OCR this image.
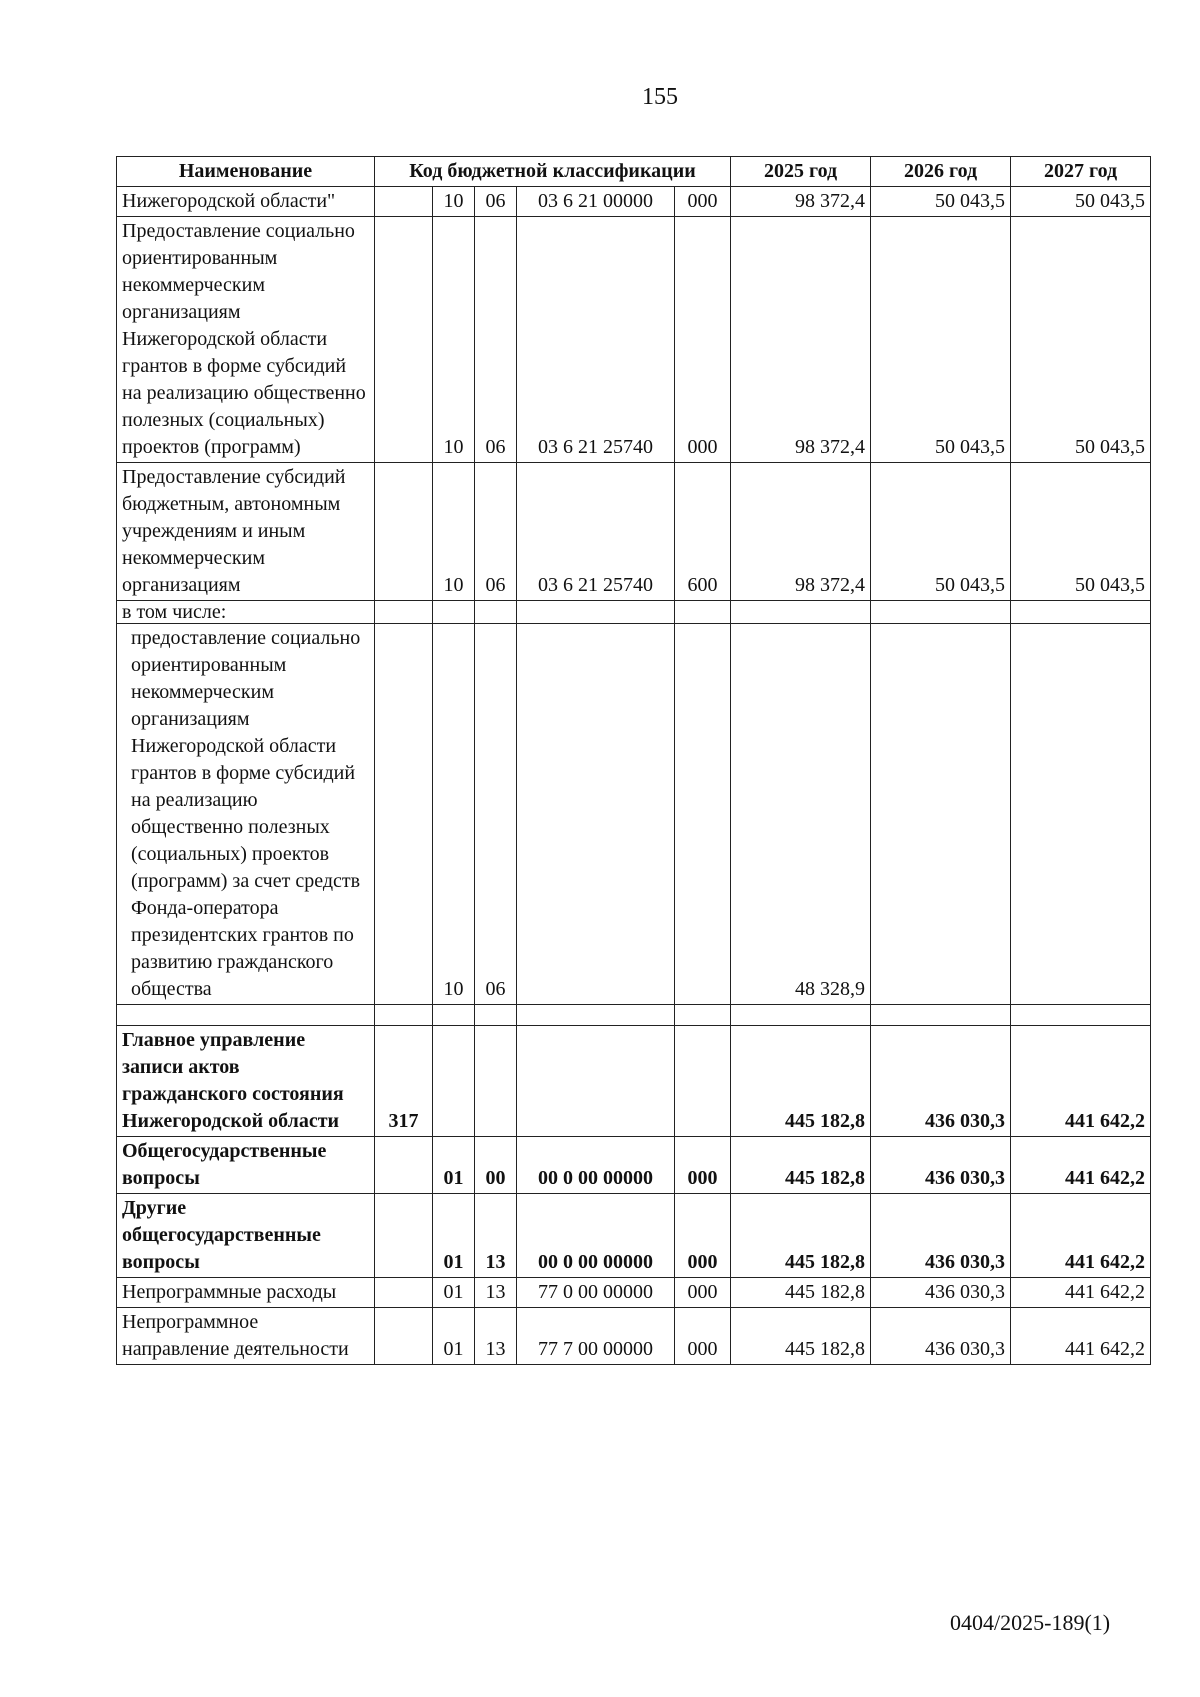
155
Наименование	Код бюджетной классификации					2025 год	2026 год	2027 год
Нижегородской области"		10	06	03 6 21 00000	000	98 372,4	50 043,5	50 043,5
Предоставление социально ориентированным некоммерческим организациям Нижегородской области грантов в форме субсидий на реализацию общественно полезных (социальных) проектов (программ)		10	06	03 6 21 25740	000	98 372,4	50 043,5	50 043,5
Предоставление субсидий бюджетным, автономным учреждениям и иным некоммерческим организациям		10	06	03 6 21 25740	600	98 372,4	50 043,5	50 043,5
в том числе:								
предоставление социально ориентированным некоммерческим организациям Нижегородской области грантов в форме субсидий на реализацию общественно полезных (социальных) проектов (программ) за счет средств Фонда-оператора президентских грантов по развитию гражданского общества		10	06			48 328,9		

Главное управление записи актов гражданского состояния Нижегородской области	317					445 182,8	436 030,3	441 642,2
Общегосударственные вопросы		01	00	00 0 00 00000	000	445 182,8	436 030,3	441 642,2
Другие общегосударственные вопросы		01	13	00 0 00 00000	000	445 182,8	436 030,3	441 642,2
Непрограммные расходы		01	13	77 0 00 00000	000	445 182,8	436 030,3	441 642,2
Непрограммное направление деятельности		01	13	77 7 00 00000	000	445 182,8	436 030,3	441 642,2
0404/2025-189(1)
